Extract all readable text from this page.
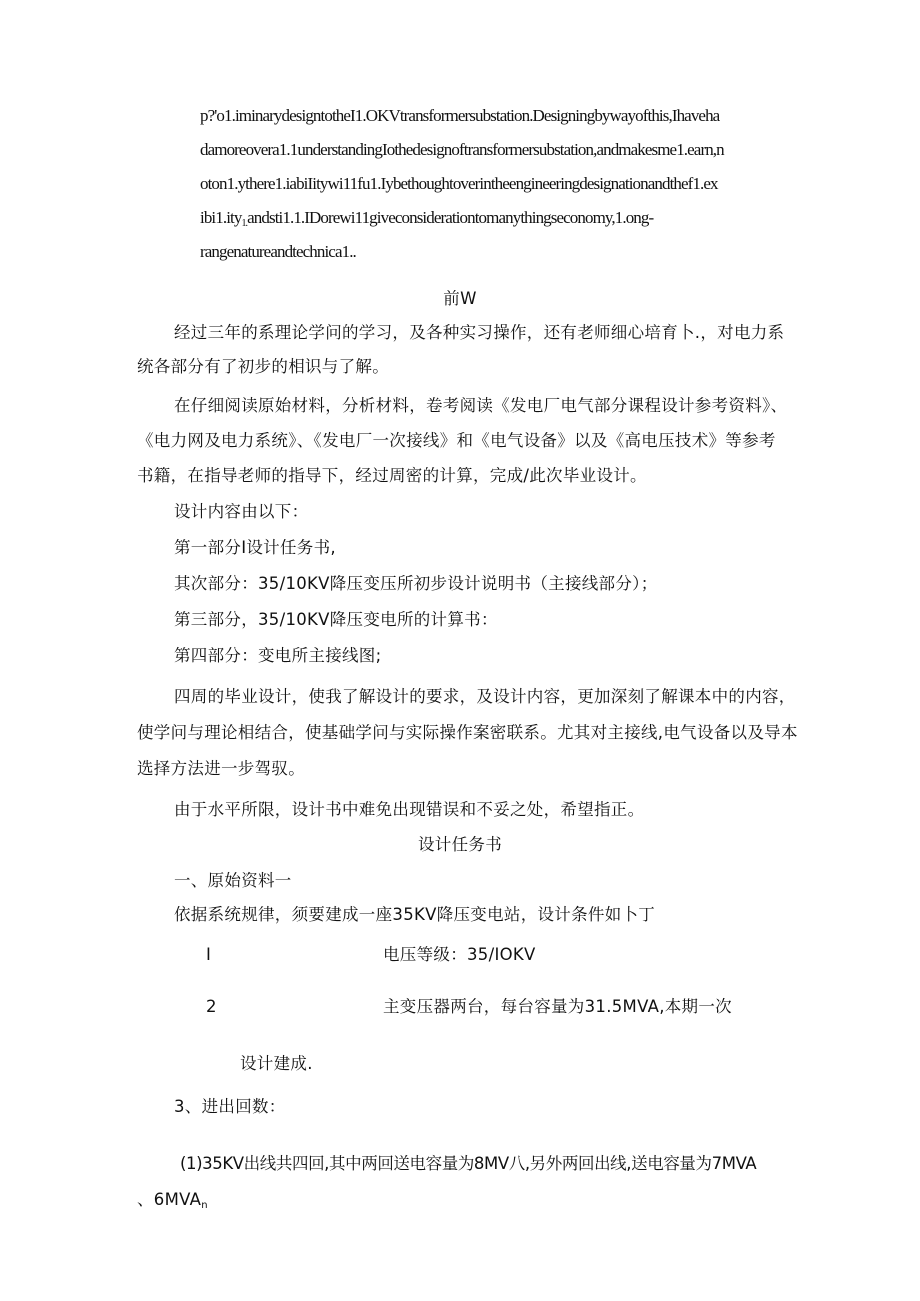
p?'o1.iminarydesigntotheI1.OKVtransformersubstation.Designingbywayofthis,Ihaveha
damoreovera1.1understandingIothedesignoftransformersubstation,andmakesme1.earn,n
oton1.ythere1.iabiIitywi11fu1.Iybethoughtoverintheengineeringdesignationandthef1.ex
ibi1.ity$_{1.}$andsti1.1.IDorewi11giveconsiderationtomanythingseconomy,1.ong-
rangenatureandtechnica1..
前W
经过三年的系理论学问的学习，及各种实习操作，还有老师细心培育卜.，对电力系
统各部分有了初步的相识与了解。
在仔细阅读原始材料，分析材料，卷考阅读《发电厂电气部分课程设计参考资料》、
《电力网及电力系统》、《发电厂一次接线》和《电气设备》以及《高电压技术》等参考
书籍，在指导老师的指导下，经过周密的计算，完成/此次毕业设计。
设计内容由以下：
第一部分I设计任务书,
其次部分：35/10KV降压变压所初步设计说明书（主接线部分）；
第三部分，35/10KV降压变电所的计算书：
第四部分：变电所主接线图;
四周的毕业设计，使我了解设计的要求，及设计内容，更加深刻了解课本中的内容，
使学问与理论相结合，使基础学问与实际操作案密联系。尤其对主接线,电气设备以及导本
选择方法进一步驾驭。
由于水平所限，设计书中难免出现错误和不妥之处，希望指正。
设计任务书
一、原始资料一
依据系统规律，须要建成一座35KV降压变电站，设计条件如卜丁
I	电压等级：35/IOKV
2	主变压器两台，每台容量为31.5MVA,本期一次
设计建成.
3、进出回数：
(1)35KV出线共四回,其中两回送电容量为8MV八,另外两回出线,送电容量为7MVA
、$6MVA_n$
